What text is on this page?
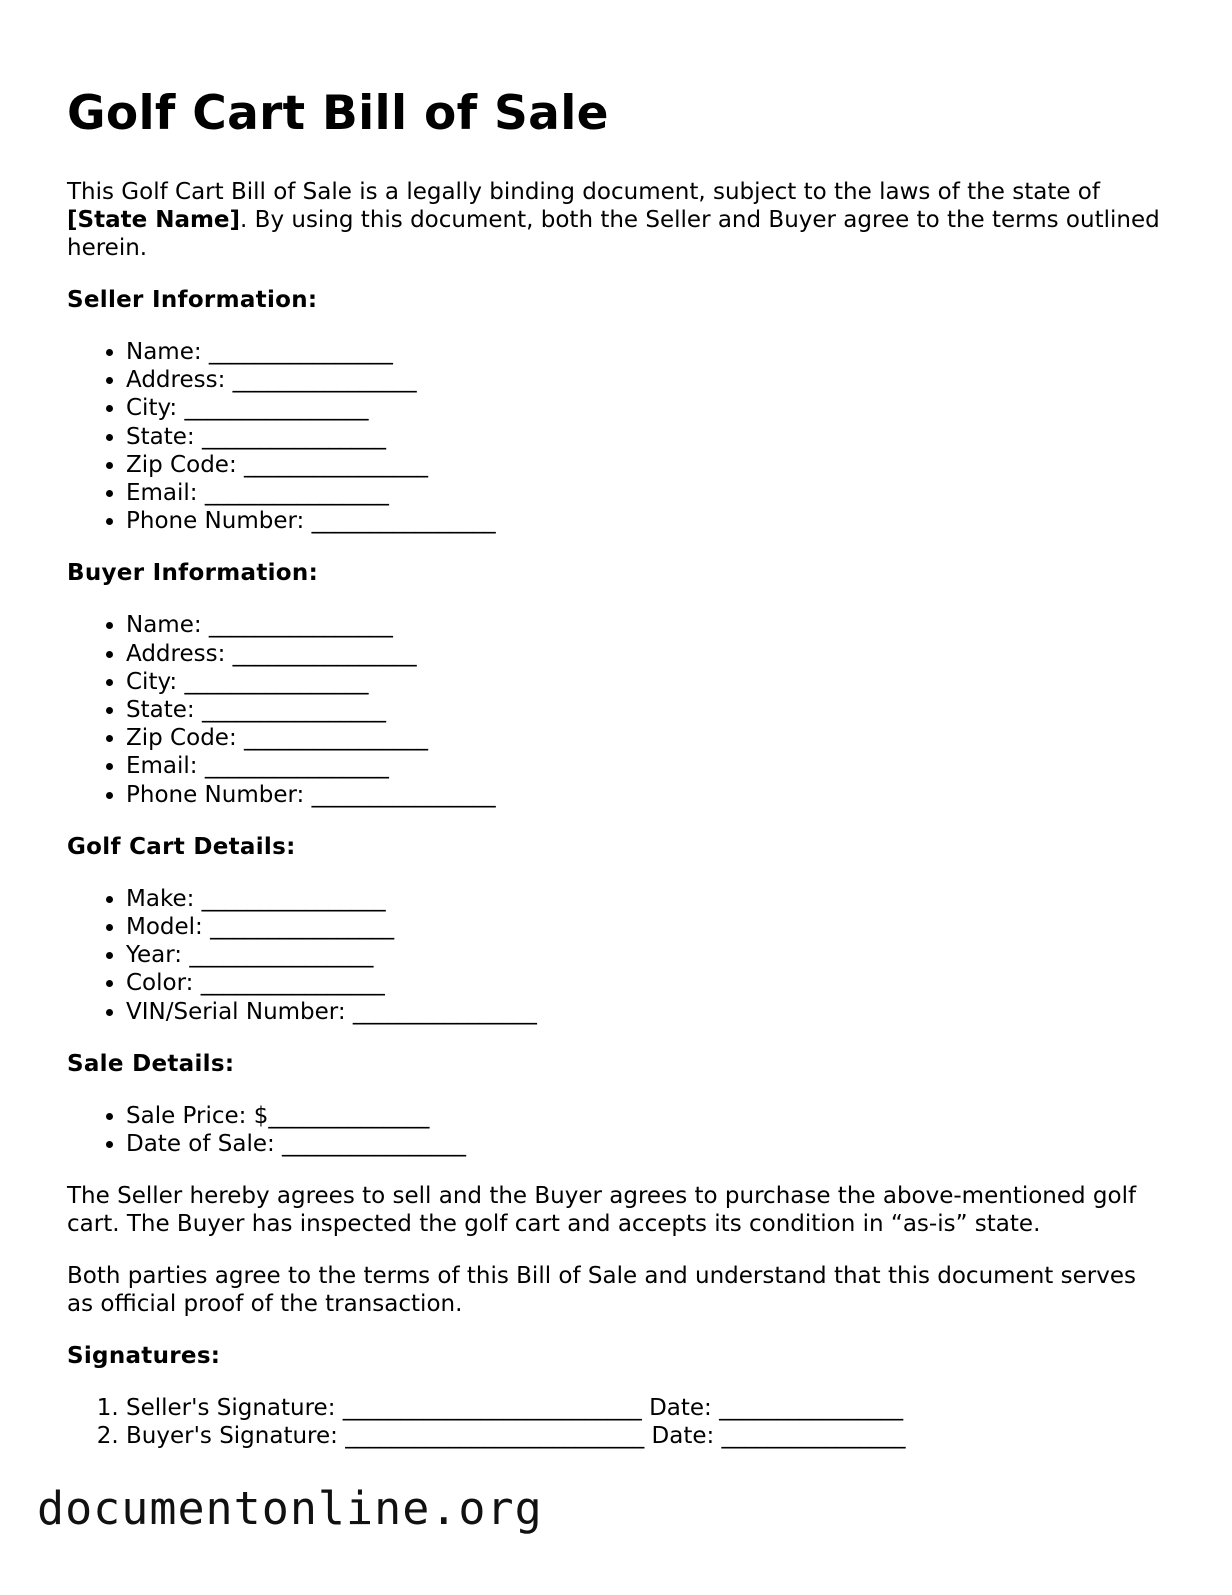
Golf Cart Bill of Sale

This Golf Cart Bill of Sale is a legally binding document, subject to the laws of the state of [State Name]. By using this document, both the Seller and Buyer agree to the terms outlined herein.

Seller Information:
• Name: ________________
• Address: ________________
• City: ________________
• State: ________________
• Zip Code: ________________
• Email: ________________
• Phone Number: ________________
Buyer Information:
• Name: ________________
• Address: ________________
• City: ________________
• State: ________________
• Zip Code: ________________
• Email: ________________
• Phone Number: ________________
Golf Cart Details:
• Make: ________________
• Model: ________________
• Year: ________________
• Color: ________________
• VIN/Serial Number: ________________
Sale Details:
• Sale Price: $______________
• Date of Sale: ________________

The Seller hereby agrees to sell and the Buyer agrees to purchase the above-mentioned golf cart. The Buyer has inspected the golf cart and accepts its condition in “as-is” state.

Both parties agree to the terms of this Bill of Sale and understand that this document serves as official proof of the transaction.

Signatures:
1. Seller's Signature: __________________________ Date: ________________
2. Buyer's Signature: __________________________ Date: ________________
documentonline.org
